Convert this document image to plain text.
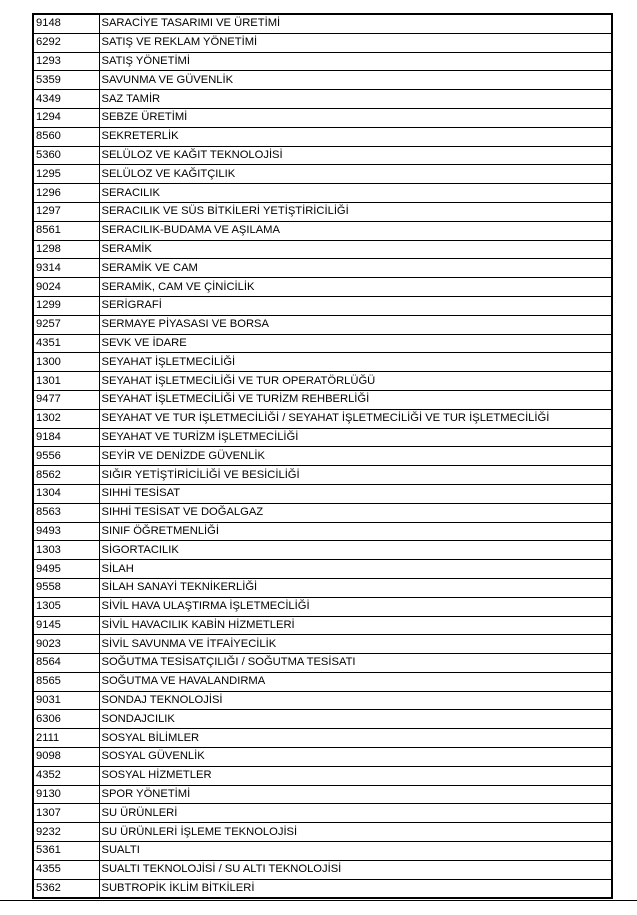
9148	SARACİYE TASARIMI VE ÜRETİMİ
6292	SATIŞ VE REKLAM YÖNETİMİ
1293	SATIŞ YÖNETİMİ
5359	SAVUNMA VE GÜVENLİK
4349	SAZ TAMİR
1294	SEBZE ÜRETİMİ
8560	SEKRETERLİK
5360	SELÜLOZ VE KAĞIT TEKNOLOJİSİ
1295	SELÜLOZ VE KAĞITÇILIK
1296	SERACILIK
1297	SERACILIK VE SÜS BİTKİLERİ YETİŞTİRİCİLİĞİ
8561	SERACILIK-BUDAMA VE AŞILAMA
1298	SERAMİK
9314	SERAMİK VE CAM
9024	SERAMİK, CAM VE ÇİNİCİLİK
1299	SERİGRAFİ
9257	SERMAYE PİYASASI VE BORSA
4351	SEVK VE İDARE
1300	SEYAHAT İŞLETMECİLİĞİ
1301	SEYAHAT İŞLETMECİLİĞİ VE TUR OPERATÖRLÜĞÜ
9477	SEYAHAT İŞLETMECİLİĞİ VE TURİZM REHBERLİĞİ
1302	SEYAHAT VE TUR İŞLETMECİLİĞİ / SEYAHAT İŞLETMECİLİĞİ VE TUR İŞLETMECİLİĞİ
9184	SEYAHAT VE TURİZM İŞLETMECİLİĞİ
9556	SEYİR VE DENİZDE GÜVENLİK
8562	SIĞIR YETİŞTİRİCİLİĞİ VE BESİCİLİĞİ
1304	SIHHİ TESİSAT
8563	SIHHİ TESİSAT VE DOĞALGAZ
9493	SINIF ÖĞRETMENLİĞİ
1303	SİGORTACILIK
9495	SİLAH
9558	SİLAH SANAYİ TEKNİKERLİĞİ
1305	SİVİL HAVA ULAŞTIRMA İŞLETMECİLİĞİ
9145	SİVİL HAVACILIK KABİN HİZMETLERİ
9023	SİVİL SAVUNMA VE İTFAİYECİLİK
8564	SOĞUTMA TESİSATÇILIĞI / SOĞUTMA TESİSATI
8565	SOĞUTMA VE HAVALANDIRMA
9031	SONDAJ TEKNOLOJİSİ
6306	SONDAJCILIK
2111	SOSYAL BİLİMLER
9098	SOSYAL GÜVENLİK
4352	SOSYAL HİZMETLER
9130	SPOR YÖNETİMİ
1307	SU ÜRÜNLERİ
9232	SU ÜRÜNLERİ İŞLEME TEKNOLOJİSİ
5361	SUALTI
4355	SUALTI TEKNOLOJİSİ / SU ALTI TEKNOLOJİSİ
5362	SUBTROPİK İKLİM BİTKİLERİ
